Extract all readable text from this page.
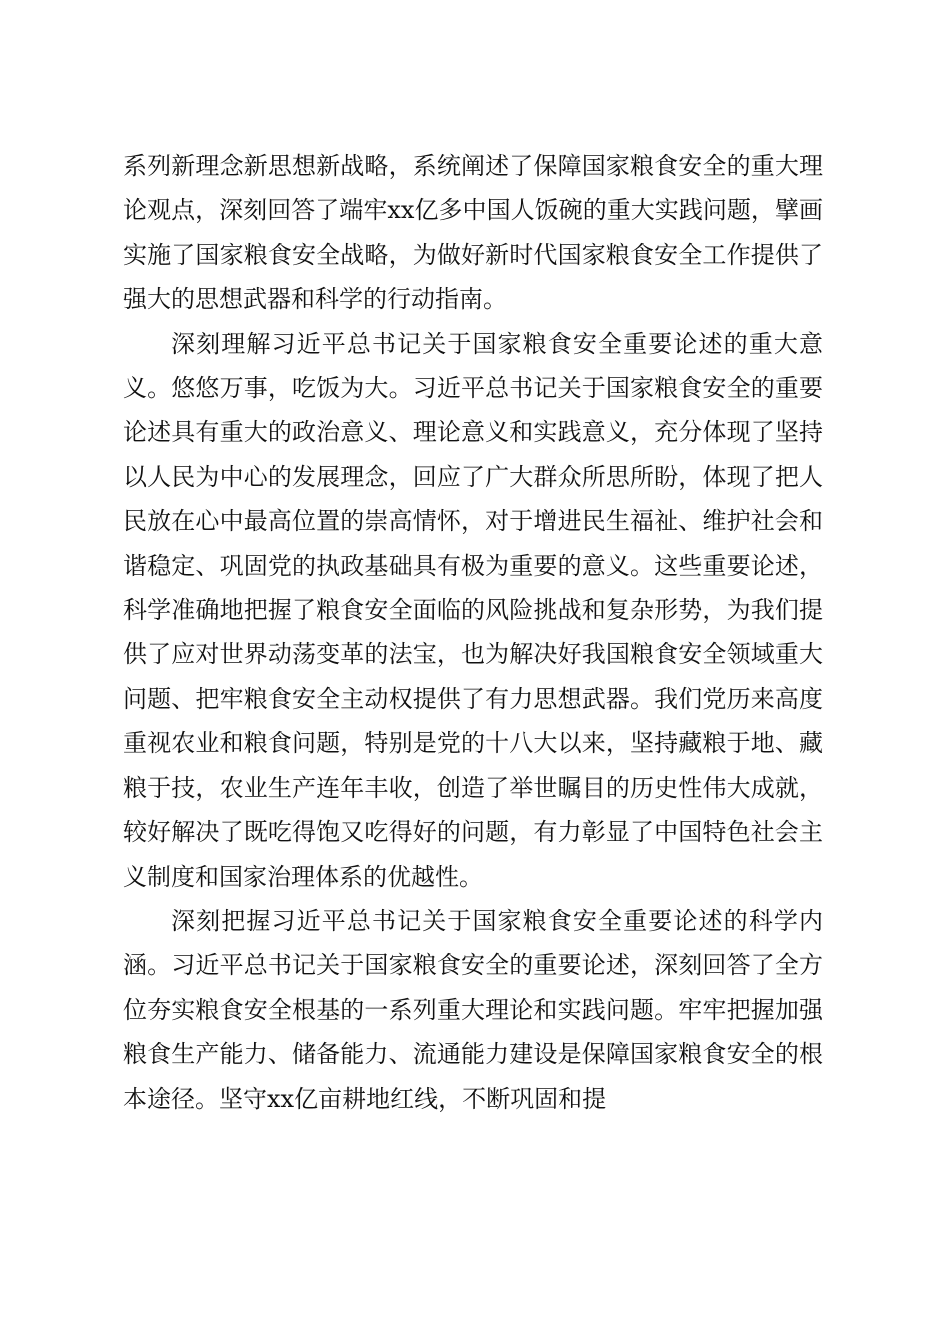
系列新理念新思想新战略，系统阐述了保障国家粮食安全的重大理论观点，深刻回答了端牢xx亿多中国人饭碗的重大实践问题，擘画实施了国家粮食安全战略，为做好新时代国家粮食安全工作提供了强大的思想武器和科学的行动指南。

深刻理解习近平总书记关于国家粮食安全重要论述的重大意义。悠悠万事，吃饭为大。习近平总书记关于国家粮食安全的重要论述具有重大的政治意义、理论意义和实践意义，充分体现了坚持以人民为中心的发展理念，回应了广大群众所思所盼，体现了把人民放在心中最高位置的崇高情怀，对于增进民生福祉、维护社会和谐稳定、巩固党的执政基础具有极为重要的意义。这些重要论述，科学准确地把握了粮食安全面临的风险挑战和复杂形势，为我们提供了应对世界动荡变革的法宝，也为解决好我国粮食安全领域重大问题、把牢粮食安全主动权提供了有力思想武器。我们党历来高度重视农业和粮食问题，特别是党的十八大以来，坚持藏粮于地、藏粮于技，农业生产连年丰收，创造了举世瞩目的历史性伟大成就，较好解决了既吃得饱又吃得好的问题，有力彰显了中国特色社会主义制度和国家治理体系的优越性。

深刻把握习近平总书记关于国家粮食安全重要论述的科学内涵。习近平总书记关于国家粮食安全的重要论述，深刻回答了全方位夯实粮食安全根基的一系列重大理论和实践问题。牢牢把握加强粮食生产能力、储备能力、流通能力建设是保障国家粮食安全的根本途径。坚守xx亿亩耕地红线，不断巩固和提
